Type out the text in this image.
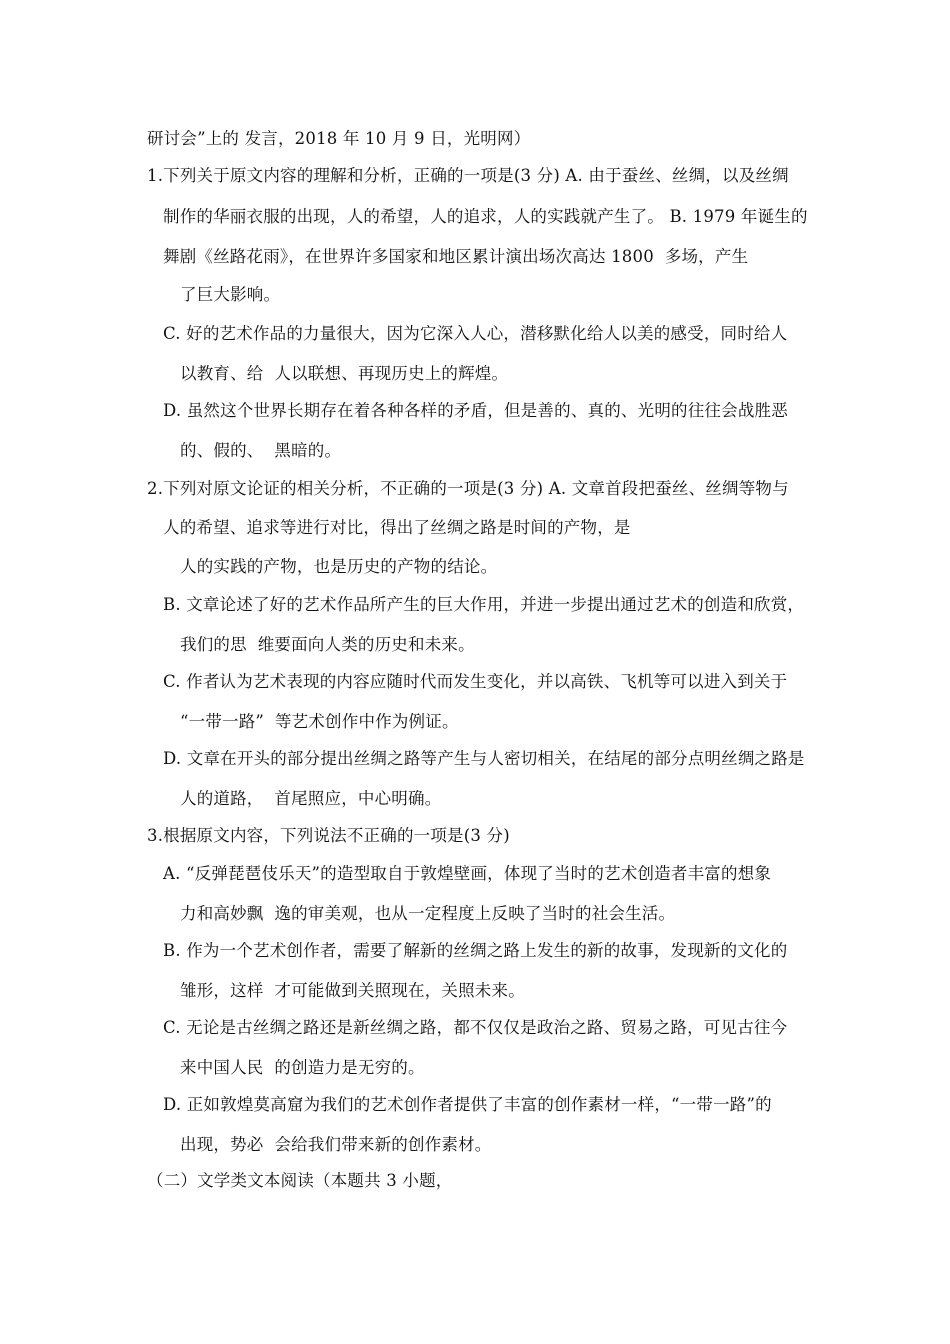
研讨会”上的 发言，2018 年 10 月 9 日，光明网）
1.下列关于原文内容的理解和分析，正确的一项是(3 分) A. 由于蚕丝、丝绸，以及丝绸
制作的华丽衣服的出现，人的希望，人的追求，人的实践就产生了。 B. 1979 年诞生的
舞剧《丝路花雨》，在世界许多国家和地区累计演出场次高达 1800  多场，产生
了巨大影响。
C. 好的艺术作品的力量很大，因为它深入人心，潜移默化给人以美的感受，同时给人
以教育、给  人以联想、再现历史上的辉煌。
D. 虽然这个世界长期存在着各种各样的矛盾，但是善的、真的、光明的往往会战胜恶
的、假的、  黑暗的。
2.下列对原文论证的相关分析，不正确的一项是(3 分) A. 文章首段把蚕丝、丝绸等物与
人的希望、追求等进行对比，得出了丝绸之路是时间的产物，是
人的实践的产物，也是历史的产物的结论。
B. 文章论述了好的艺术作品所产生的巨大作用，并进一步提出通过艺术的创造和欣赏，
我们的思  维要面向人类的历史和未来。
C. 作者认为艺术表现的内容应随时代而发生变化，并以高铁、飞机等可以进入到关于
“一带一路”  等艺术创作中作为例证。
D. 文章在开头的部分提出丝绸之路等产生与人密切相关，在结尾的部分点明丝绸之路是
人的道路，  首尾照应，中心明确。
3.根据原文内容，下列说法不正确的一项是(3 分)
A. “反弹琵琶伎乐天”的造型取自于敦煌壁画，体现了当时的艺术创造者丰富的想象
力和高妙飘  逸的审美观，也从一定程度上反映了当时的社会生活。
B. 作为一个艺术创作者，需要了解新的丝绸之路上发生的新的故事，发现新的文化的
雏形，这样  才可能做到关照现在，关照未来。
C. 无论是古丝绸之路还是新丝绸之路，都不仅仅是政治之路、贸易之路，可见古往今
来中国人民  的创造力是无穷的。
D. 正如敦煌莫高窟为我们的艺术创作者提供了丰富的创作素材一样，“一带一路”的
出现，势必  会给我们带来新的创作素材。
（二）文学类文本阅读（本题共 3 小题，
